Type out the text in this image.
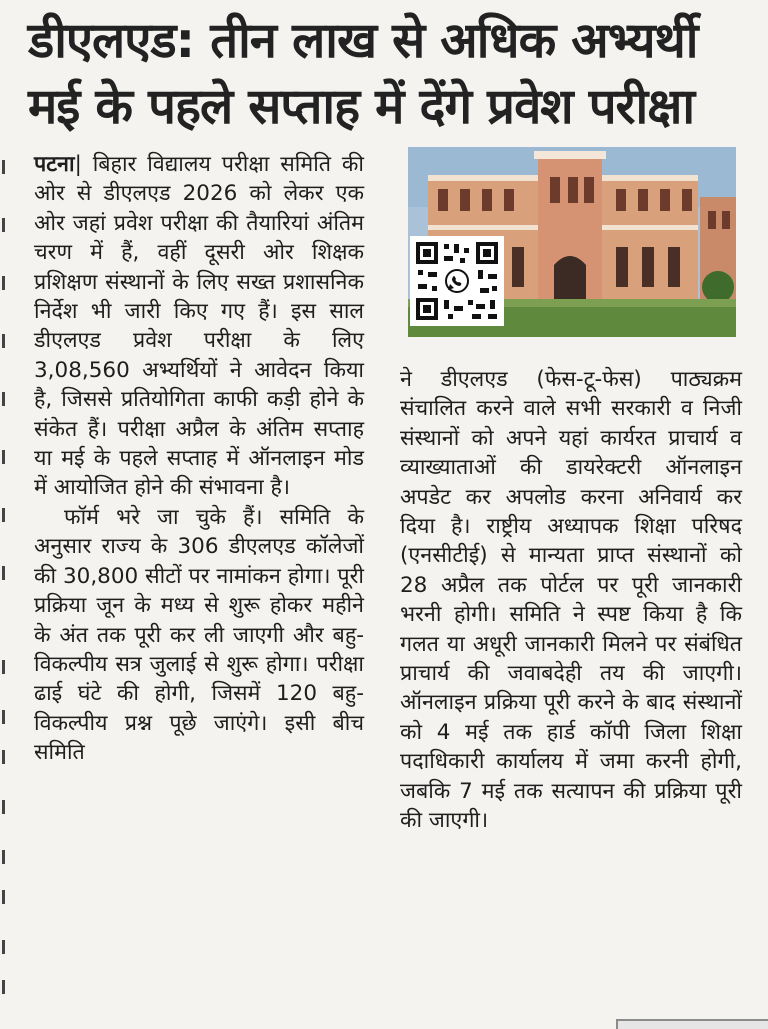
डीएलएड: तीन लाख से अधिक अभ्यर्थी
मई के पहले सप्ताह में देंगे प्रवेश परीक्षा

पटना| बिहार विद्यालय परीक्षा समिति की ओर से डीएलएड 2026 को लेकर एक ओर जहां प्रवेश परीक्षा की तैयारियां अंतिम चरण में हैं, वहीं दूसरी ओर शिक्षक प्रशिक्षण संस्थानों के लिए सख्त प्रशासनिक निर्देश भी जारी किए गए हैं। इस साल डीएलएड प्रवेश परीक्षा के लिए 3,08,560 अभ्यर्थियों ने आवेदन किया है, जिससे प्रतियोगिता काफी कड़ी होने के संकेत हैं। परीक्षा अप्रैल के अंतिम सप्ताह या मई के पहले सप्ताह में ऑनलाइन मोड में आयोजित होने की संभावना है।

फॉर्म भरे जा चुके हैं। समिति के अनुसार राज्य के 306 डीएलएड कॉलेजों की 30,800 सीटों पर नामांकन होगा। पूरी प्रक्रिया जून के मध्य से शुरू होकर महीने के अंत तक पूरी कर ली जाएगी और बहु-विकल्पीय सत्र जुलाई से शुरू होगा। परीक्षा ढाई घंटे की होगी, जिसमें 120 बहु-विकल्पीय प्रश्न पूछे जाएंगे। इसी बीच समिति

ने डीएलएड (फेस-टू-फेस) पाठ्यक्रम संचालित करने वाले सभी सरकारी व निजी संस्थानों को अपने यहां कार्यरत प्राचार्य व व्याख्याताओं की डायरेक्टरी ऑनलाइन अपडेट कर अपलोड करना अनिवार्य कर दिया है। राष्ट्रीय अध्यापक शिक्षा परिषद (एनसीटीई) से मान्यता प्राप्त संस्थानों को 28 अप्रैल तक पोर्टल पर पूरी जानकारी भरनी होगी। समिति ने स्पष्ट किया है कि गलत या अधूरी जानकारी मिलने पर संबंधित प्राचार्य की जवाबदेही तय की जाएगी। ऑनलाइन प्रक्रिया पूरी करने के बाद संस्थानों को 4 मई तक हार्ड कॉपी जिला शिक्षा पदाधिकारी कार्यालय में जमा करनी होगी, जबकि 7 मई तक सत्यापन की प्रक्रिया पूरी की जाएगी।
